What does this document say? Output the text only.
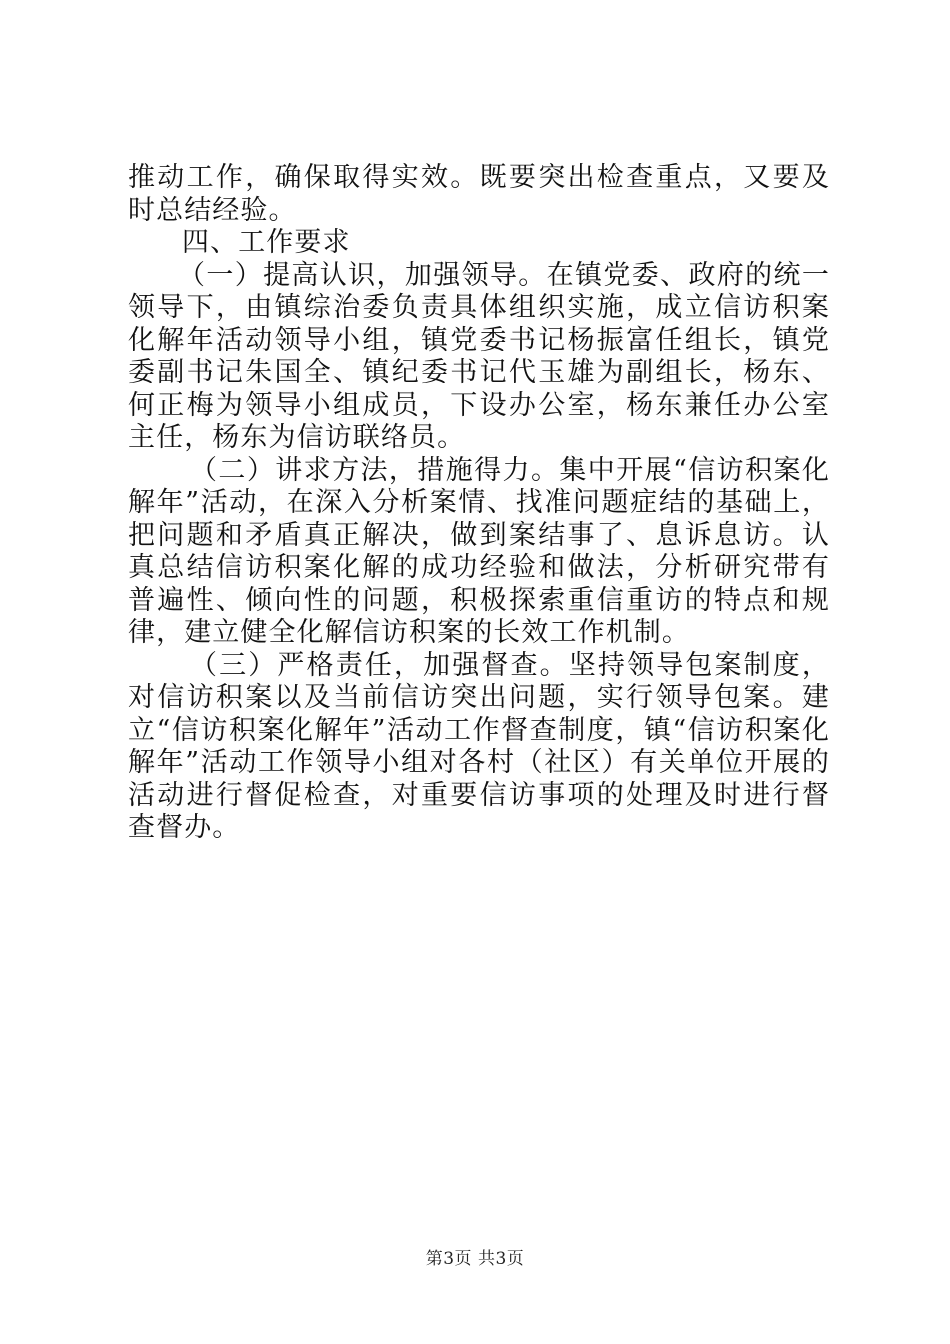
推动工作，确保取得实效。既要突出检查重点，又要及时总结经验。

四、工作要求

（一）提高认识，加强领导。在镇党委、政府的统一领导下，由镇综治委负责具体组织实施，成立信访积案化解年活动领导小组，镇党委书记杨振富任组长，镇党委副书记朱国全、镇纪委书记代玉雄为副组长，杨东、何正梅为领导小组成员，下设办公室，杨东兼任办公室主任，杨东为信访联络员。

（二）讲求方法，措施得力。集中开展“信访积案化解年”活动，在深入分析案情、找准问题症结的基础上，把问题和矛盾真正解决，做到案结事了、息诉息访。认真总结信访积案化解的成功经验和做法，分析研究带有普遍性、倾向性的问题，积极探索重信重访的特点和规律，建立健全化解信访积案的长效工作机制。

（三）严格责任，加强督查。坚持领导包案制度，对信访积案以及当前信访突出问题，实行领导包案。建立“信访积案化解年”活动工作督查制度，镇“信访积案化解年”活动工作领导小组对各村（社区）有关单位开展的活动进行督促检查，对重要信访事项的处理及时进行督查督办。

第3页 共3页
